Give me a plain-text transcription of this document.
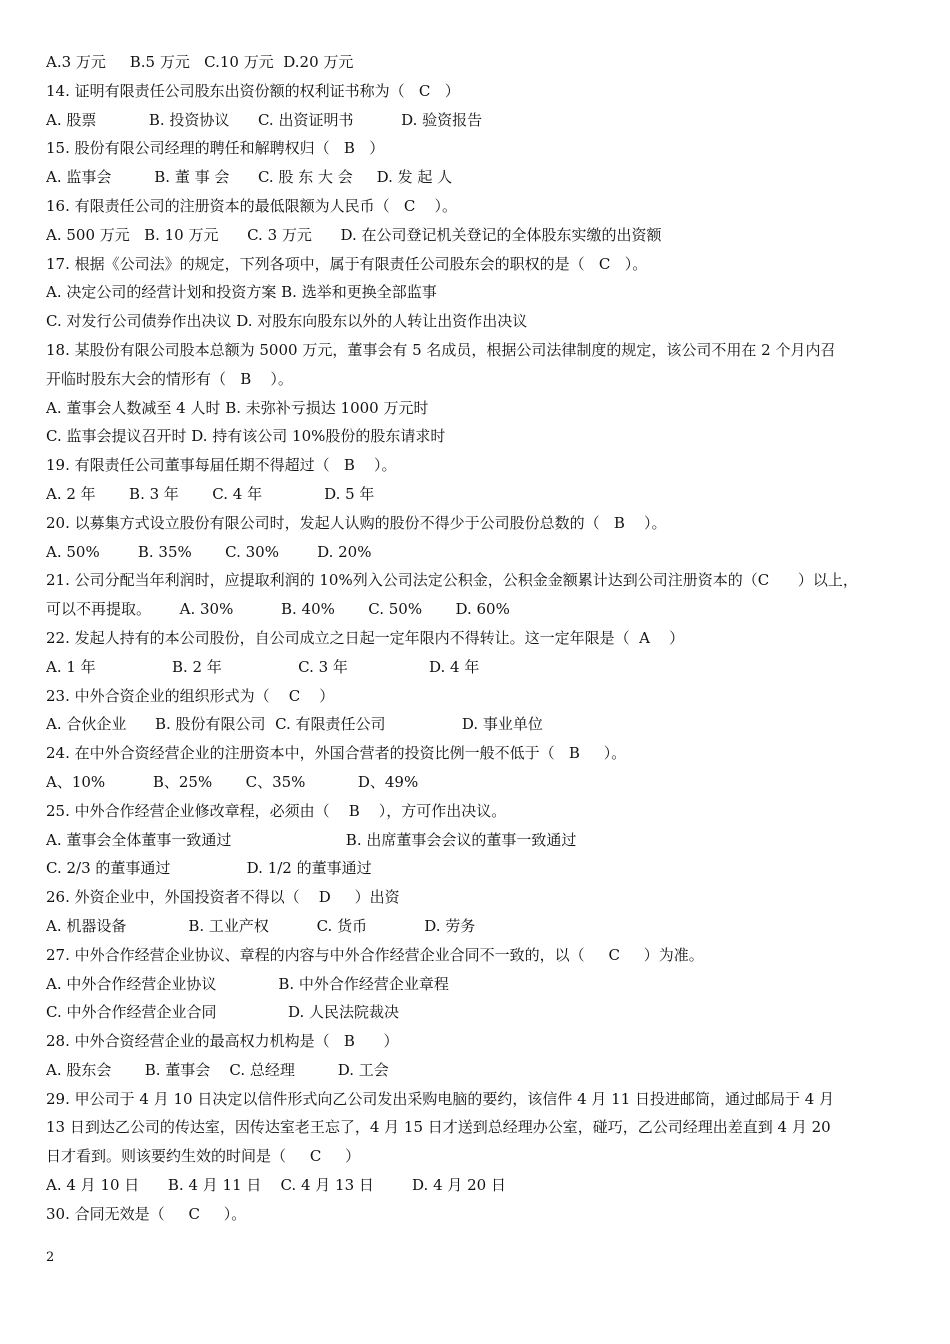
A.3 万元     B.5 万元   C.10 万元  D.20 万元
14. 证明有限责任公司股东出资份额的权利证书称为（   C   ）
A. 股票           B. 投资协议      C. 出资证明书          D. 验资报告
15. 股份有限公司经理的聘任和解聘权归（   B   ）
A. 监事会         B. 董 事 会      C. 股 东 大 会     D. 发 起 人
16. 有限责任公司的注册资本的最低限额为人民币（   C    ）。
A. 500 万元   B. 10 万元      C. 3 万元      D. 在公司登记机关登记的全体股东实缴的出资额
17. 根据《公司法》的规定，下列各项中，属于有限责任公司股东会的职权的是（   C   ）。
A. 决定公司的经营计划和投资方案 B. 选举和更换全部监事
C. 对发行公司债券作出决议 D. 对股东向股东以外的人转让出资作出决议
18. 某股份有限公司股本总额为 5000 万元，董事会有 5 名成员，根据公司法律制度的规定，该公司不用在 2 个月内召
开临时股东大会的情形有（   B    ）。
A. 董事会人数减至 4 人时 B. 未弥补亏损达 1000 万元时
C. 监事会提议召开时 D. 持有该公司 10%股份的股东请求时
19. 有限责任公司董事每届任期不得超过（   B    ）。
A. 2 年       B. 3 年       C. 4 年             D. 5 年
20. 以募集方式设立股份有限公司时，发起人认购的股份不得少于公司股份总数的（   B    ）。
A. 50%        B. 35%       C. 30%        D. 20%
21. 公司分配当年利润时，应提取利润的 10%列入公司法定公积金，公积金金额累计达到公司注册资本的（C      ）以上，
可以不再提取。      A. 30%          B. 40%       C. 50%       D. 60%
22. 发起人持有的本公司股份，自公司成立之日起一定年限内不得转让。这一定年限是（  A    ）
A. 1 年                B. 2 年                C. 3 年                 D. 4 年
23. 中外合资企业的组织形式为（    C    ）
A. 合伙企业      B. 股份有限公司  C. 有限责任公司                D. 事业单位
24. 在中外合资经营企业的注册资本中，外国合营者的投资比例一般不低于（   B     ）。
A、10%          B、25%       C、35%           D、49%
25. 中外合作经营企业修改章程，必须由（    B    ），方可作出决议。
A. 董事会全体董事一致通过                        B. 出席董事会会议的董事一致通过
C. 2/3 的董事通过                D. 1/2 的董事通过
26. 外资企业中，外国投资者不得以（    D     ）出资
A. 机器设备             B. 工业产权          C. 货币            D. 劳务
27. 中外合作经营企业协议、章程的内容与中外合作经营企业合同不一致的，以（     C     ）为准。
A. 中外合作经营企业协议             B. 中外合作经营企业章程
C. 中外合作经营企业合同               D. 人民法院裁决
28. 中外合资经营企业的最高权力机构是（   B      ）
A. 股东会       B. 董事会    C. 总经理         D. 工会
29. 甲公司于 4 月 10 日决定以信件形式向乙公司发出采购电脑的要约，该信件 4 月 11 日投进邮筒，通过邮局于 4 月
13 日到达乙公司的传达室，因传达室老王忘了，4 月 15 日才送到总经理办公室，碰巧，乙公司经理出差直到 4 月 20
日才看到。则该要约生效的时间是（     C     ）
A. 4 月 10 日      B. 4 月 11 日    C. 4 月 13 日        D. 4 月 20 日
30. 合同无效是（     C     ）。
2
